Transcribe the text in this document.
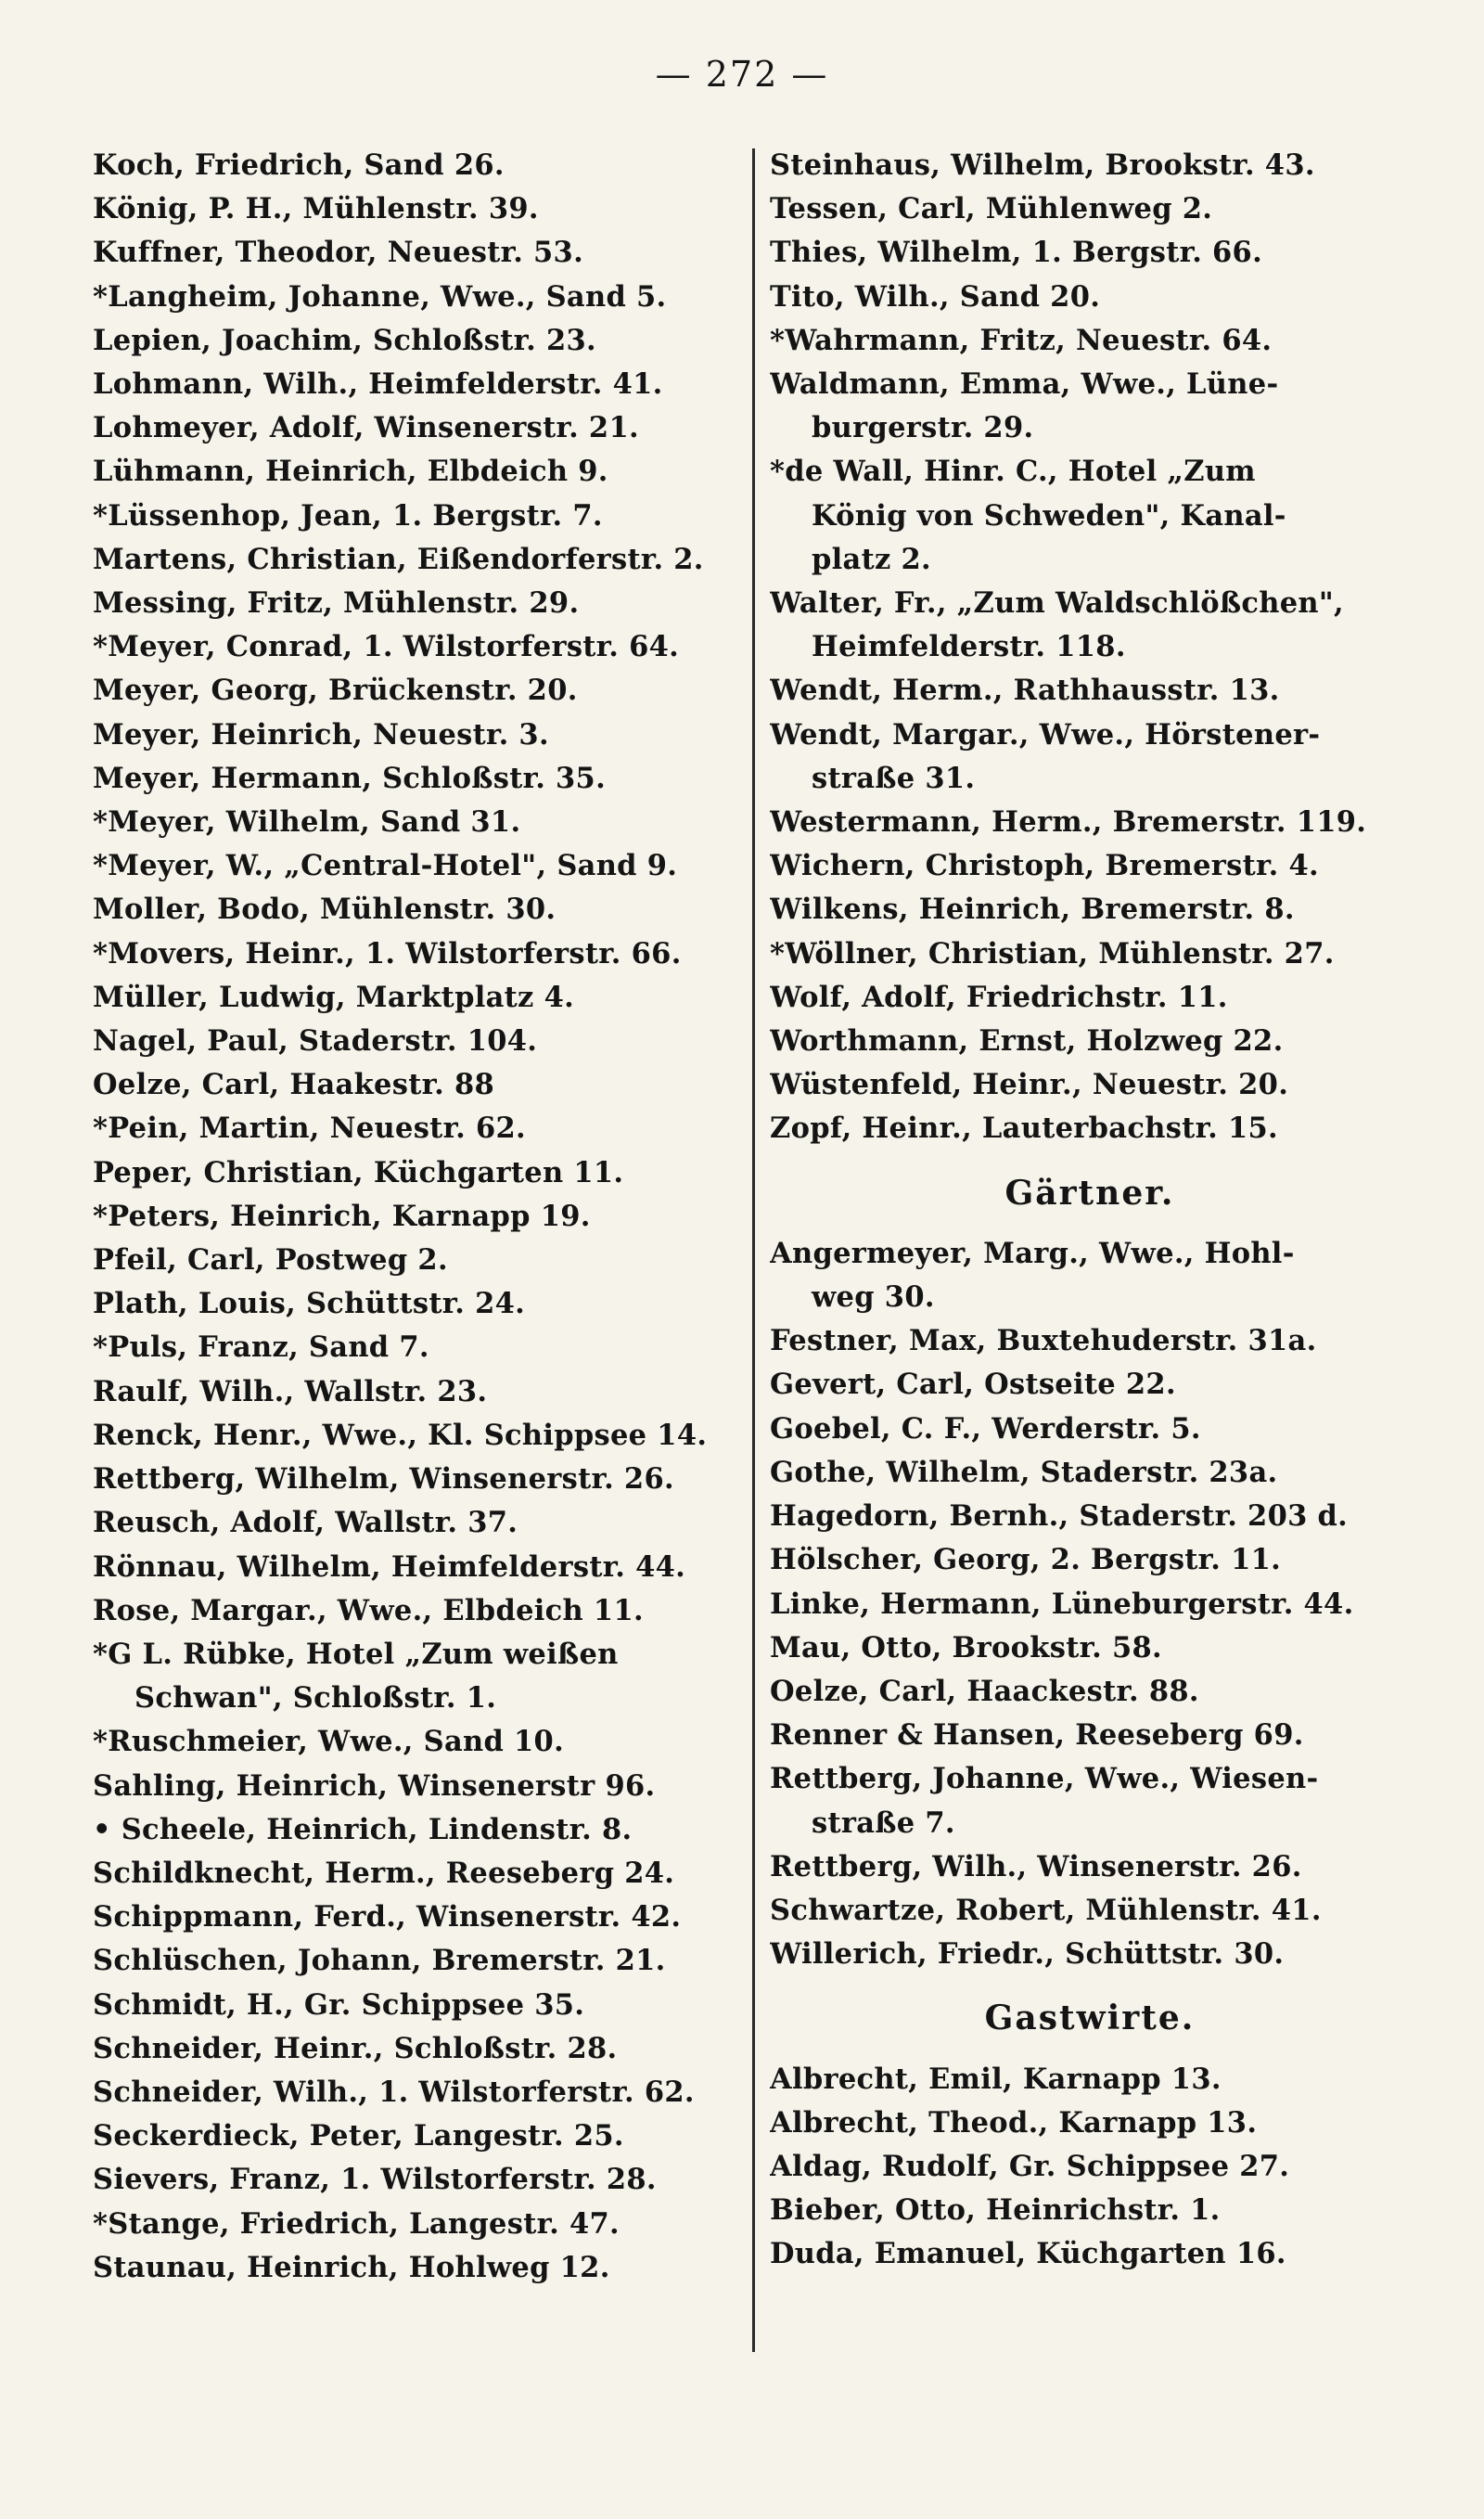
— 272 —
Koch, Friedrich, Sand 26.
König, P. H., Mühlenstr. 39.
Kuffner, Theodor, Neuestr. 53.
*Langheim, Johanne, Wwe., Sand 5.
Lepien, Joachim, Schloßstr. 23.
Lohmann, Wilh., Heimfelderstr. 41.
Lohmeyer, Adolf, Winsenerstr. 21.
Lühmann, Heinrich, Elbdeich 9.
*Lüssenhop, Jean, 1. Bergstr. 7.
Martens, Christian, Eißendorferstr. 2.
Messing, Fritz, Mühlenstr. 29.
*Meyer, Conrad, 1. Wilstorferstr. 64.
Meyer, Georg, Brückenstr. 20.
Meyer, Heinrich, Neuestr. 3.
Meyer, Hermann, Schloßstr. 35.
*Meyer, Wilhelm, Sand 31.
*Meyer, W., „Central-Hotel", Sand 9.
Moller, Bodo, Mühlenstr. 30.
*Movers, Heinr., 1. Wilstorferstr. 66.
Müller, Ludwig, Marktplatz 4.
Nagel, Paul, Staderstr. 104.
Oelze, Carl, Haakestr. 88
*Pein, Martin, Neuestr. 62.
Peper, Christian, Küchgarten 11.
*Peters, Heinrich, Karnapp 19.
Pfeil, Carl, Postweg 2.
Plath, Louis, Schüttstr. 24.
*Puls, Franz, Sand 7.
Raulf, Wilh., Wallstr. 23.
Renck, Henr., Wwe., Kl. Schippsee 14.
Rettberg, Wilhelm, Winsenerstr. 26.
Reusch, Adolf, Wallstr. 37.
Rönnau, Wilhelm, Heimfelderstr. 44.
Rose, Margar., Wwe., Elbdeich 11.
*G L. Rübke, Hotel „Zum weißen
Schwan", Schloßstr. 1.
*Ruschmeier, Wwe., Sand 10.
Sahling, Heinrich, Winsenerstr 96.
• Scheele, Heinrich, Lindenstr. 8.
Schildknecht, Herm., Reeseberg 24.
Schippmann, Ferd., Winsenerstr. 42.
Schlüschen, Johann, Bremerstr. 21.
Schmidt, H., Gr. Schippsee 35.
Schneider, Heinr., Schloßstr. 28.
Schneider, Wilh., 1. Wilstorferstr. 62.
Seckerdieck, Peter, Langestr. 25.
Sievers, Franz, 1. Wilstorferstr. 28.
*Stange, Friedrich, Langestr. 47.
Staunau, Heinrich, Hohlweg 12.
Steinhaus, Wilhelm, Brookstr. 43.
Tessen, Carl, Mühlenweg 2.
Thies, Wilhelm, 1. Bergstr. 66.
Tito, Wilh., Sand 20.
*Wahrmann, Fritz, Neuestr. 64.
Waldmann, Emma, Wwe., Lüne-
burgerstr. 29.
*de Wall, Hinr. C., Hotel „Zum
König von Schweden", Kanal-
platz 2.
Walter, Fr., „Zum Waldschlößchen",
Heimfelderstr. 118.
Wendt, Herm., Rathhausstr. 13.
Wendt, Margar., Wwe., Hörstener-
straße 31.
Westermann, Herm., Bremerstr. 119.
Wichern, Christoph, Bremerstr. 4.
Wilkens, Heinrich, Bremerstr. 8.
*Wöllner, Christian, Mühlenstr. 27.
Wolf, Adolf, Friedrichstr. 11.
Worthmann, Ernst, Holzweg 22.
Wüstenfeld, Heinr., Neuestr. 20.
Zopf, Heinr., Lauterbachstr. 15.
Gärtner.
Angermeyer, Marg., Wwe., Hohl-
weg 30.
Festner, Max, Buxtehuderstr. 31a.
Gevert, Carl, Ostseite 22.
Goebel, C. F., Werderstr. 5.
Gothe, Wilhelm, Staderstr. 23a.
Hagedorn, Bernh., Staderstr. 203 d.
Hölscher, Georg, 2. Bergstr. 11.
Linke, Hermann, Lüneburgerstr. 44.
Mau, Otto, Brookstr. 58.
Oelze, Carl, Haackestr. 88.
Renner & Hansen, Reeseberg 69.
Rettberg, Johanne, Wwe., Wiesen-
straße 7.
Rettberg, Wilh., Winsenerstr. 26.
Schwartze, Robert, Mühlenstr. 41.
Willerich, Friedr., Schüttstr. 30.
Gastwirte.
Albrecht, Emil, Karnapp 13.
Albrecht, Theod., Karnapp 13.
Aldag, Rudolf, Gr. Schippsee 27.
Bieber, Otto, Heinrichstr. 1.
Duda, Emanuel, Küchgarten 16.
